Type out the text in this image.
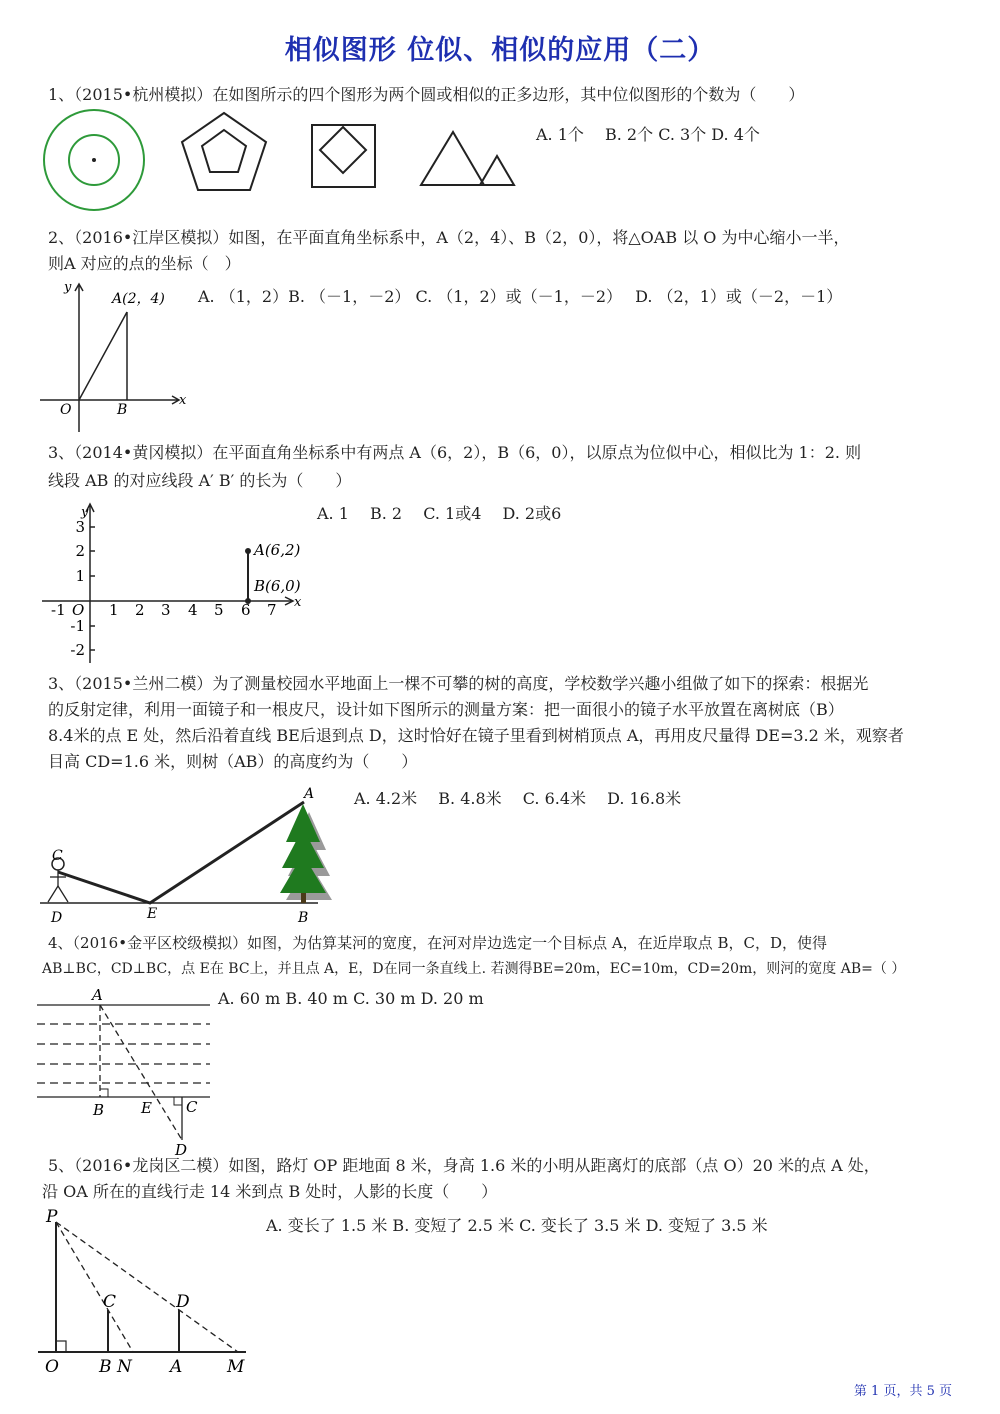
相似图形 位似、相似的应用（二）
1、（2015•杭州模拟）在如图所示的四个图形为两个圆或相似的正多边形，其中位似图形的个数为（　　）
A. 1个　 B. 2个 C. 3个 D. 4个
y
A(2，4)
O	B
x
y
x
A(6,2)
B(6,0)
O
-1	1 2 3 4 5 6 7
3
2
1
-1
-2
A
C
D	E	B
A
B E C
D
P
C	D
O B N A	M
2、（2016•江岸区模拟）如图，在平面直角坐标系中，A（2，4）、B（2，0），将△OAB 以 O 为中心缩小一半，
则A 对应的点的坐标（　）
A. （1，2）B. （－1，－2） C. （1，2）或（－1，－2）　 D. （2，1）或（－2，－1）
3、（2014•黄冈模拟）在平面直角坐标系中有两点 A（6，2），B（6，0），以原点为位似中心，相似比为 1：2. 则
线段 AB 的对应线段 A′ B′ 的长为（　　）
A. 1　 B. 2　 C. 1或4　 D. 2或6
3、（2015•兰州二模）为了测量校园水平地面上一棵不可攀的树的高度，学校数学兴趣小组做了如下的探索：根据光
的反射定律，利用一面镜子和一根皮尺，设计如下图所示的测量方案：把一面很小的镜子水平放置在离树底（B）
8.4米的点 E 处，然后沿着直线 BE后退到点 D，这时恰好在镜子里看到树梢顶点 A，再用皮尺量得 DE=3.2 米，观察者
目高 CD=1.6 米，则树（AB）的高度约为（　　）
A. 4.2米　 B. 4.8米　 C. 6.4米　 D. 16.8米
4、（2016•金平区校级模拟）如图，为估算某河的宽度，在河对岸边选定一个目标点 A，在近岸取点 B，C，D，使得
AB⊥BC，CD⊥BC，点 E在 BC上，并且点 A，E，D在同一条直线上. 若测得BE=20m，EC=10m，CD=20m，则河的宽度 AB=（ ）
A. 60 m B. 40 m C. 30 m D. 20 m
5、（2016•龙岗区二模）如图，路灯 OP 距地面 8 米，身高 1.6 米的小明从距离灯的底部（点 O）20 米的点 A 处，
沿 OA 所在的直线行走 14 米到点 B 处时，人影的长度（　　）
A. 变长了 1.5 米 B. 变短了 2.5 米 C. 变长了 3.5 米 D. 变短了 3.5 米
第 1 页，共 5 页
